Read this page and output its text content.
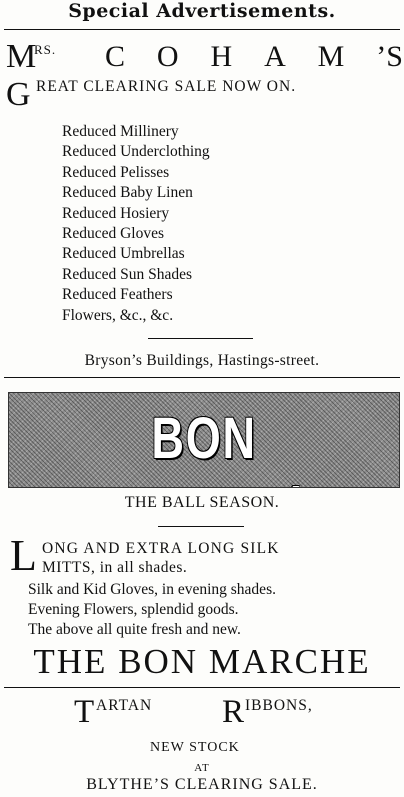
Special Advertisements.
M
RS. C O H A M ’S
G REAT CLEARING SALE NOW ON.
Reduced Millinery
Reduced Underclothing
Reduced Pelisses
Reduced Baby Linen
Reduced Hosiery
Reduced Gloves
Reduced Umbrellas
Reduced Sun Shades
Reduced Feathers
Flowers, &c., &c.
Bryson’s Buildings, Hastings-street.
BON
THE BALL SEASON.
L ONG AND EXTRA LONG SILK
MITTS, in all shades.
Silk and Kid Gloves, in evening shades.
Evening Flowers, splendid goods.
The above all quite fresh and new.
THE BON MARCHE
T ARTAN R IBBONS,
NEW STOCK
AT
BLYTHE’S CLEARING SALE.
